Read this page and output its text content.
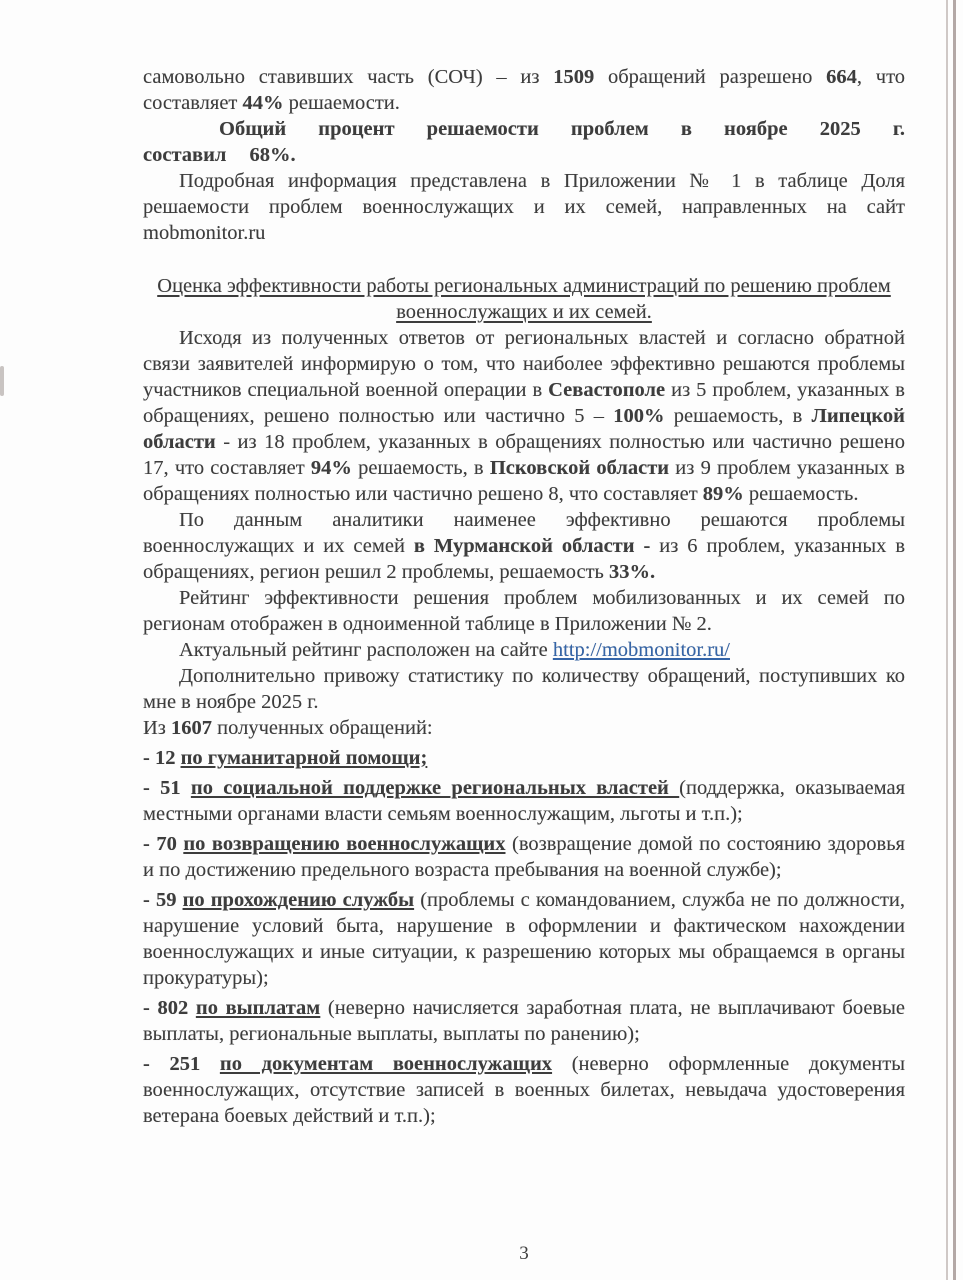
самовольно ставивших часть (СОЧ) – из 1509 обращений разрешено 664, что составляет 44% решаемости.

Общий процент решаемости проблем в ноябре 2025 г. составил 68%.

Подробная информация представлена в Приложении № 1 в таблице Доля решаемости проблем военнослужащих и их семей, направленных на сайт mobmonitor.ru

Оценка эффективности работы региональных администраций по решению проблем военнослужащих и их семей.

Исходя из полученных ответов от региональных властей и согласно обратной связи заявителей информирую о том, что наиболее эффективно решаются проблемы участников специальной военной операции в Севастополе из 5 проблем, указанных в обращениях, решено полностью или частично 5 – 100% решаемость, в Липецкой области - из 18 проблем, указанных в обращениях полностью или частично решено 17, что составляет 94% решаемость, в Псковской области из 9 проблем указанных в обращениях полностью или частично решено 8, что составляет 89% решаемость.

По данным аналитики наименее эффективно решаются проблемы военнослужащих и их семей в Мурманской области - из 6 проблем, указанных в обращениях, регион решил 2 проблемы, решаемость 33%.

Рейтинг эффективности решения проблем мобилизованных и их семей по регионам отображен в одноименной таблице в Приложении № 2.

Актуальный рейтинг расположен на сайте http://mobmonitor.ru/

Дополнительно привожу статистику по количеству обращений, поступивших ко мне в ноябре 2025 г.

Из 1607 полученных обращений:

- 12 по гуманитарной помощи;

- 51 по социальной поддержке региональных властей (поддержка, оказываемая местными органами власти семьям военнослужащим, льготы и т.п.);

- 70 по возвращению военнослужащих (возвращение домой по состоянию здоровья и по достижению предельного возраста пребывания на военной службе);

- 59 по прохождению службы (проблемы с командованием, служба не по должности, нарушение условий быта, нарушение в оформлении и фактическом нахождении военнослужащих и иные ситуации, к разрешению которых мы обращаемся в органы прокуратуры);

- 802 по выплатам (неверно начисляется заработная плата, не выплачивают боевые выплаты, региональные выплаты, выплаты по ранению);

- 251 по документам военнослужащих (неверно оформленные документы военнослужащих, отсутствие записей в военных билетах, невыдача удостоверения ветерана боевых действий и т.п.);

3
